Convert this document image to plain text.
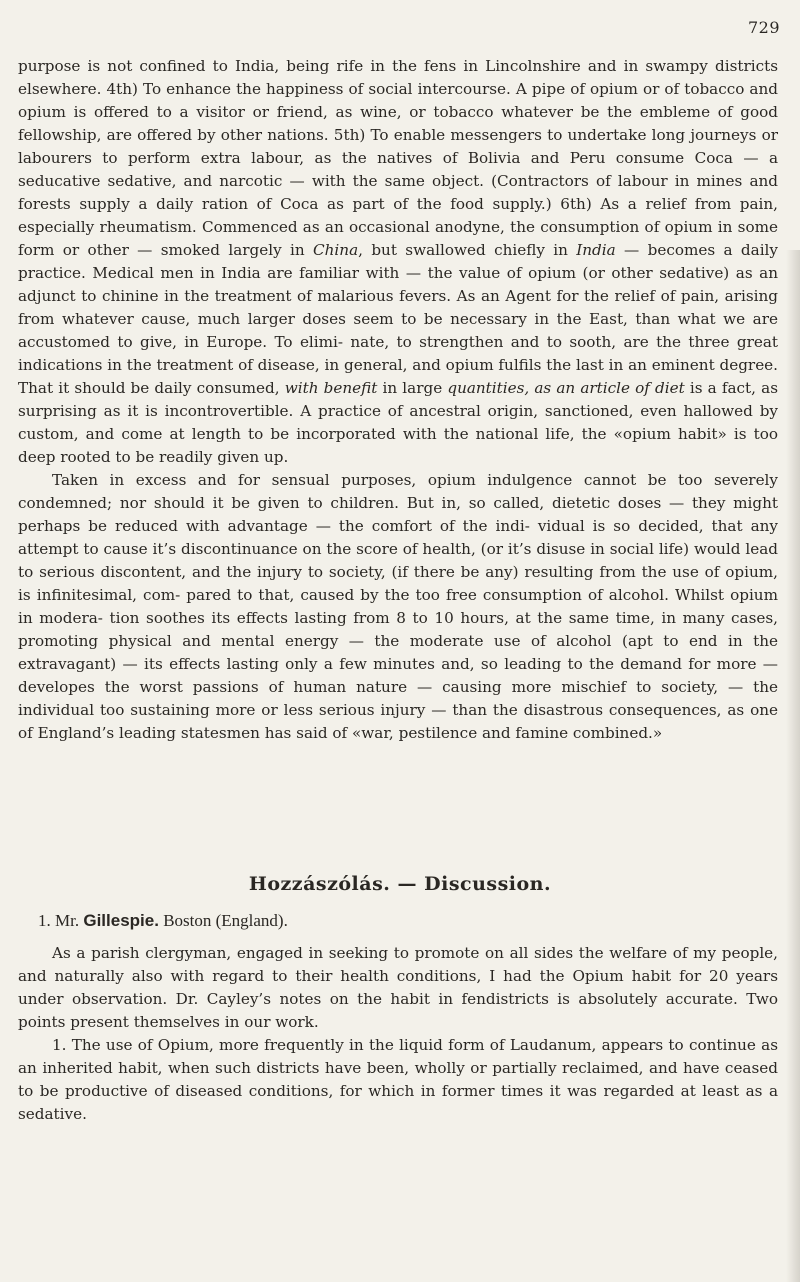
729

purpose is not confined to India, being rife in the fens in Lincolnshire and in swampy districts elsewhere. 4th) To enhance the happiness of social intercourse. A pipe of opium or of tobacco and opium is offered to a visitor or friend, as wine, or tobacco whatever be the embleme of good fellowship, are offered by other nations. 5th) To enable messengers to undertake long journeys or labourers to perform extra labour, as the natives of Bolivia and Peru consume Coca — a seducative sedative, and narcotic — with the same object. (Contractors of labour in mines and forests supply a daily ration of Coca as part of the food supply.) 6th) As a relief from pain, especially rheumatism. Commenced as an occasional anodyne, the consumption of opium in some form or other — smoked largely in China, but swallowed chiefly in India — becomes a daily practice. Medical men in India are familiar with — the value of opium (or other sedative) as an adjunct to chinine in the treatment of malarious fevers. As an Agent for the relief of pain, arising from whatever cause, much larger doses seem to be necessary in the East, than what we are accustomed to give, in Europe. To elimi- nate, to strengthen and to sooth, are the three great indications in the treatment of disease, in general, and opium fulfils the last in an eminent degree. That it should be daily consumed, with benefit in large quantities, as an article of diet is a fact, as surprising as it is incontrovertible. A practice of ancestral origin, sanctioned, even hallowed by custom, and come at length to be incorporated with the national life, the «opium habit» is too deep rooted to be readily given up.

Taken in excess and for sensual purposes, opium indulgence cannot be too severely condemned; nor should it be given to children. But in, so called, dietetic doses — they might perhaps be reduced with advantage — the comfort of the indi- vidual is so decided, that any attempt to cause it’s discontinuance on the score of health, (or it’s disuse in social life) would lead to serious discontent, and the injury to society, (if there be any) resulting from the use of opium, is infinitesimal, com- pared to that, caused by the too free consumption of alcohol. Whilst opium in modera- tion soothes its effects lasting from 8 to 10 hours, at the same time, in many cases, promoting physical and mental energy — the moderate use of alcohol (apt to end in the extravagant) — its effects lasting only a few minutes and, so leading to the demand for more — developes the worst passions of human nature — causing more mischief to society, — the individual too sustaining more or less serious injury — than the disastrous consequences, as one of England’s leading statesmen has said of «war, pestilence and famine combined.»

Hozzászólás. — Discussion.
1. Mr. Gillespie. Boston (England).

As a parish clergyman, engaged in seeking to promote on all sides the welfare of my people, and naturally also with regard to their health conditions, I had the Opium habit for 20 years under observation. Dr. Cayley’s notes on the habit in fendistricts is absolutely accurate. Two points present themselves in our work.

1. The use of Opium, more frequently in the liquid form of Laudanum, appears to continue as an inherited habit, when such districts have been, wholly or partially reclaimed, and have ceased to be productive of diseased conditions, for which in former times it was regarded at least as a sedative.
